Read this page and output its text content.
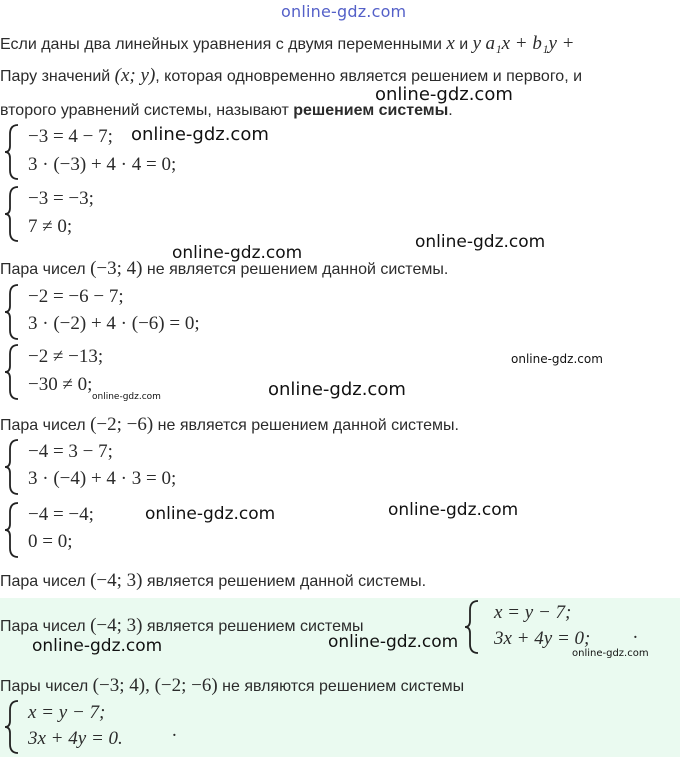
online-gdz.com
Если даны два линейных уравнения с двумя переменными x и y a₁x + b₁y +
Пару значений (x; y), которая одновременно является решением и первого, и
второго уравнений системы, называют решением системы.
−3 = 4 − 7;
3 · (−3) + 4 · 4 = 0;
−3 = −3;
7 ≠ 0;
Пара чисел (−3; 4) не является решением данной системы.
−2 = −6 − 7;
3 · (−2) + 4 · (−6) = 0;
−2 ≠ −13;
−30 ≠ 0;
Пара чисел (−2; −6) не является решением данной системы.
−4 = 3 − 7;
3 · (−4) + 4 · 3 = 0;
−4 = −4;
0 = 0;
Пара чисел (−4; 3) является решением данной системы.
Пара чисел (−4; 3) является решением системы
x = y − 7;
3x + 4y = 0; .
Пары чисел (−3; 4), (−2; −6) не являются решением системы
x = y − 7;
3x + 4y = 0.	.
online-gdz.com
online-gdz.com
online-gdz.com
online-gdz.com
online-gdz.com
online-gdz.com
online-gdz.com
online-gdz.com	online-gdz.com
online-gdz.com	online-gdz.com
online-gdz.com
